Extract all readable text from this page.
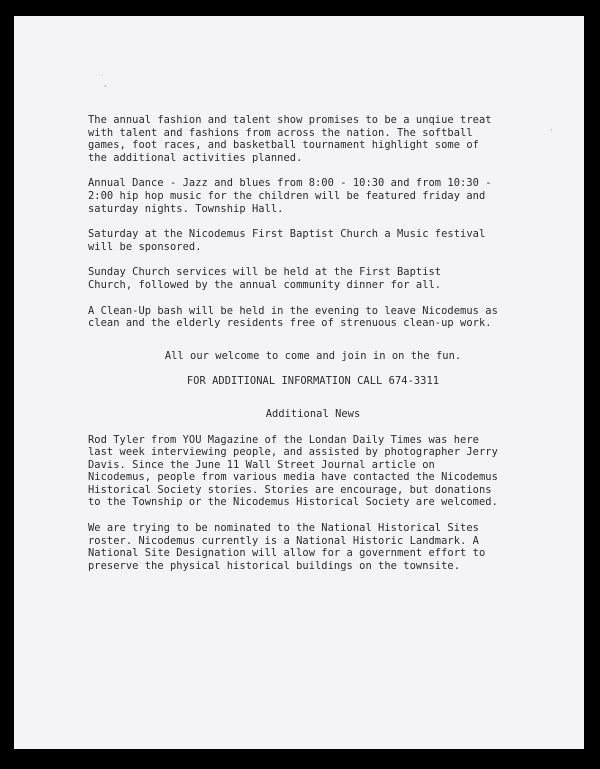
˙
ʼ
·

The annual fashion and talent show promises to be a unqiue treat
with talent and fashions from across the nation. The softball
games, foot races, and basketball tournament highlight some of
the additional activities planned.

Annual Dance - Jazz and blues from 8:00 - 10:30 and from 10:30 -
2:00 hip hop music for the children will be featured friday and
saturday nights. Township Hall.

Saturday at the Nicodemus First Baptist Church a Music festival
will be sponsored.

Sunday Church services will be held at the First Baptist
Church, followed by the annual community dinner for all.

A Clean-Up bash will be held in the evening to leave Nicodemus as
clean and the elderly residents free of strenuous clean-up work.

All our welcome to come and join in on the fun.

FOR ADDITIONAL INFORMATION CALL 674-3311

Additional News

Rod Tyler from YOU Magazine of the Londan Daily Times was here
last week interviewing people, and assisted by photographer Jerry
Davis. Since the June 11 Wall Street Journal article on
Nicodemus, people from various media have contacted the Nicodemus
Historical Society stories. Stories are encourage, but donations
to the Township or the Nicodemus Historical Society are welcomed.

We are trying to be nominated to the National Historical Sites
roster. Nicodemus currently is a National Historic Landmark. A
National Site Designation will allow for a government effort to
preserve the physical historical buildings on the townsite.
